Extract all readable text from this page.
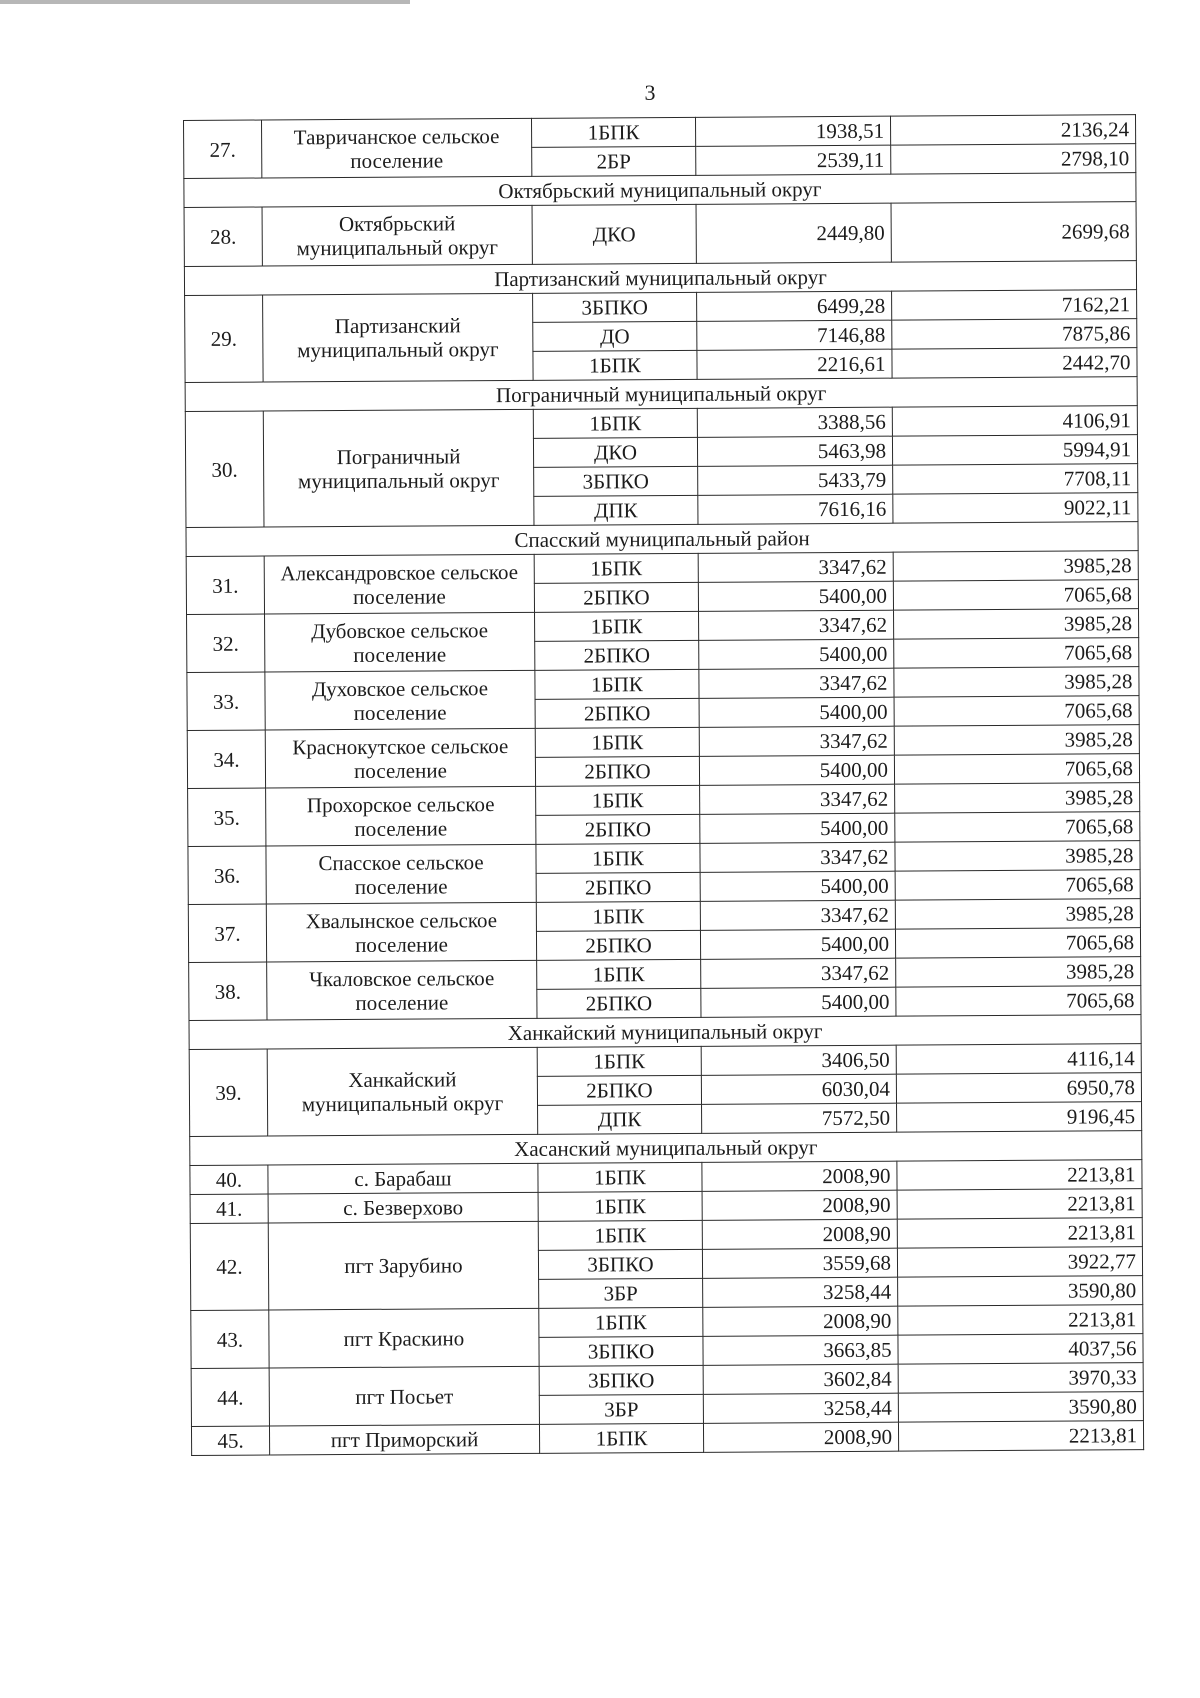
3
27.	Тавричанское сельское поселение	1БПК	1938,51	2136,24
		2БР	2539,11	2798,10
Октябрьский муниципальный округ				
28.	Октябрьский муниципальный округ	ДКО	2449,80	2699,68
Партизанский муниципальный округ				
29.	Партизанский муниципальный округ	3БПКО	6499,28	7162,21
		ДО	7146,88	7875,86
		1БПК	2216,61	2442,70
Пограничный муниципальный округ				
30.	Пограничный муниципальный округ	1БПК	3388,56	4106,91
		ДКО	5463,98	5994,91
		3БПКО	5433,79	7708,11
		ДПК	7616,16	9022,11
Спасский муниципальный район				
31.	Александровское сельское поселение	1БПК	3347,62	3985,28
		2БПКО	5400,00	7065,68
32.	Дубовское сельское поселение	1БПК	3347,62	3985,28
		2БПКО	5400,00	7065,68
33.	Духовское сельское поселение	1БПК	3347,62	3985,28
		2БПКО	5400,00	7065,68
34.	Краснокутское сельское поселение	1БПК	3347,62	3985,28
		2БПКО	5400,00	7065,68
35.	Прохорское сельское поселение	1БПК	3347,62	3985,28
		2БПКО	5400,00	7065,68
36.	Спасское сельское поселение	1БПК	3347,62	3985,28
		2БПКО	5400,00	7065,68
37.	Хвалынское сельское поселение	1БПК	3347,62	3985,28
		2БПКО	5400,00	7065,68
38.	Чкаловское сельское поселение	1БПК	3347,62	3985,28
		2БПКО	5400,00	7065,68
Ханкайский муниципальный округ				
39.	Ханкайский муниципальный округ	1БПК	3406,50	4116,14
		2БПКО	6030,04	6950,78
		ДПК	7572,50	9196,45
Хасанский муниципальный округ				
40.	с. Барабаш	1БПК	2008,90	2213,81
41.	с. Безверхово	1БПК	2008,90	2213,81
42.	пгт Зарубино	1БПК	2008,90	2213,81
		3БПКО	3559,68	3922,77
		3БР	3258,44	3590,80
43.	пгт Краскино	1БПК	2008,90	2213,81
		3БПКО	3663,85	4037,56
44.	пгт Посьет	3БПКО	3602,84	3970,33
		3БР	3258,44	3590,80
45.	пгт Приморский	1БПК	2008,90	2213,81
